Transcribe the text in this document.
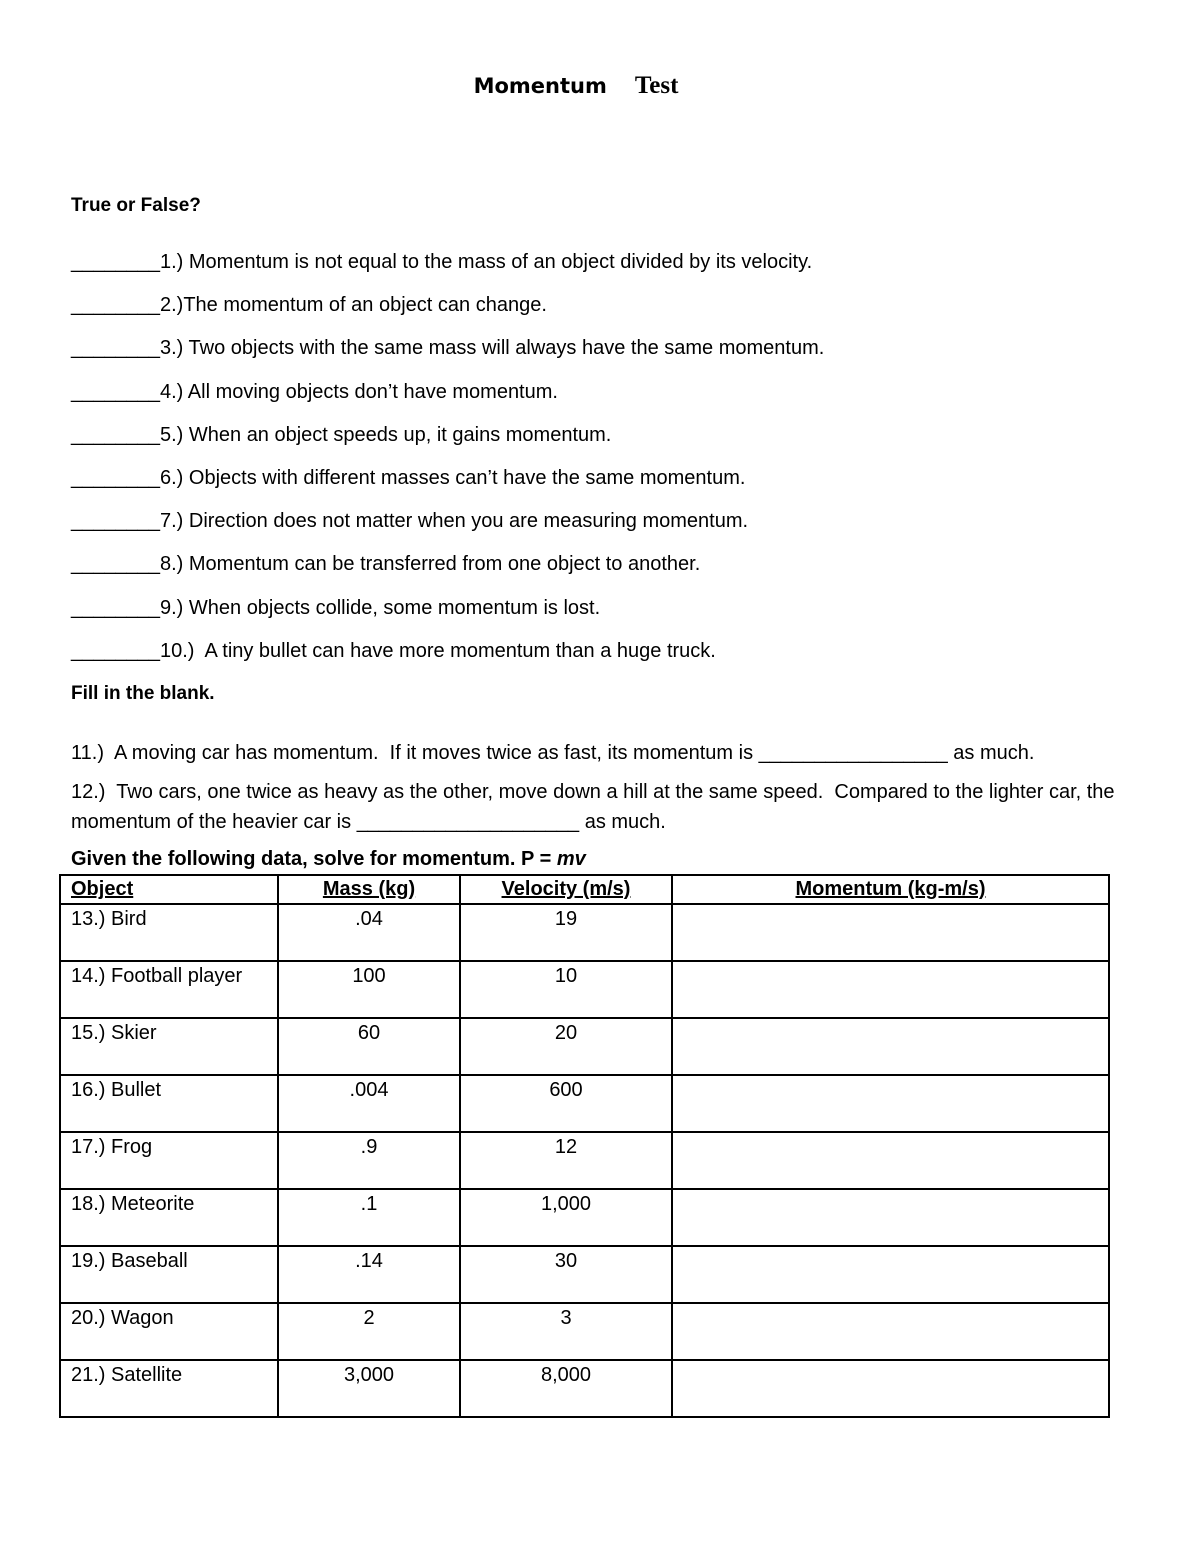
Momentum Test
True or False?
________1.) Momentum is not equal to the mass of an object divided by its velocity.
________2.)The momentum of an object can change.
________3.) Two objects with the same mass will always have the same momentum.
________4.) All moving objects don’t have momentum.
________5.) When an object speeds up, it gains momentum.
________6.) Objects with different masses can’t have the same momentum.
________7.) Direction does not matter when you are measuring momentum.
________8.) Momentum can be transferred from one object to another.
________9.) When objects collide, some momentum is lost.
________10.)  A tiny bullet can have more momentum than a huge truck.
Fill in the blank.
11.)  A moving car has momentum.  If it moves twice as fast, its momentum is _________________ as much.
12.)  Two cars, one twice as heavy as the other, move down a hill at the same speed.  Compared to the lighter car, the momentum of the heavier car is ____________________ as much.
Given the following data, solve for momentum. P = mv
Object	Mass (kg)	Velocity (m/s)	Momentum (kg-m/s)
13.) Bird	.04	19	
14.) Football player	100	10	
15.) Skier	60	20	
16.) Bullet	.004	600	
17.) Frog	.9	12	
18.) Meteorite	.1	1,000	
19.) Baseball	.14	30	
20.) Wagon	2	3	
21.) Satellite	3,000	8,000	
